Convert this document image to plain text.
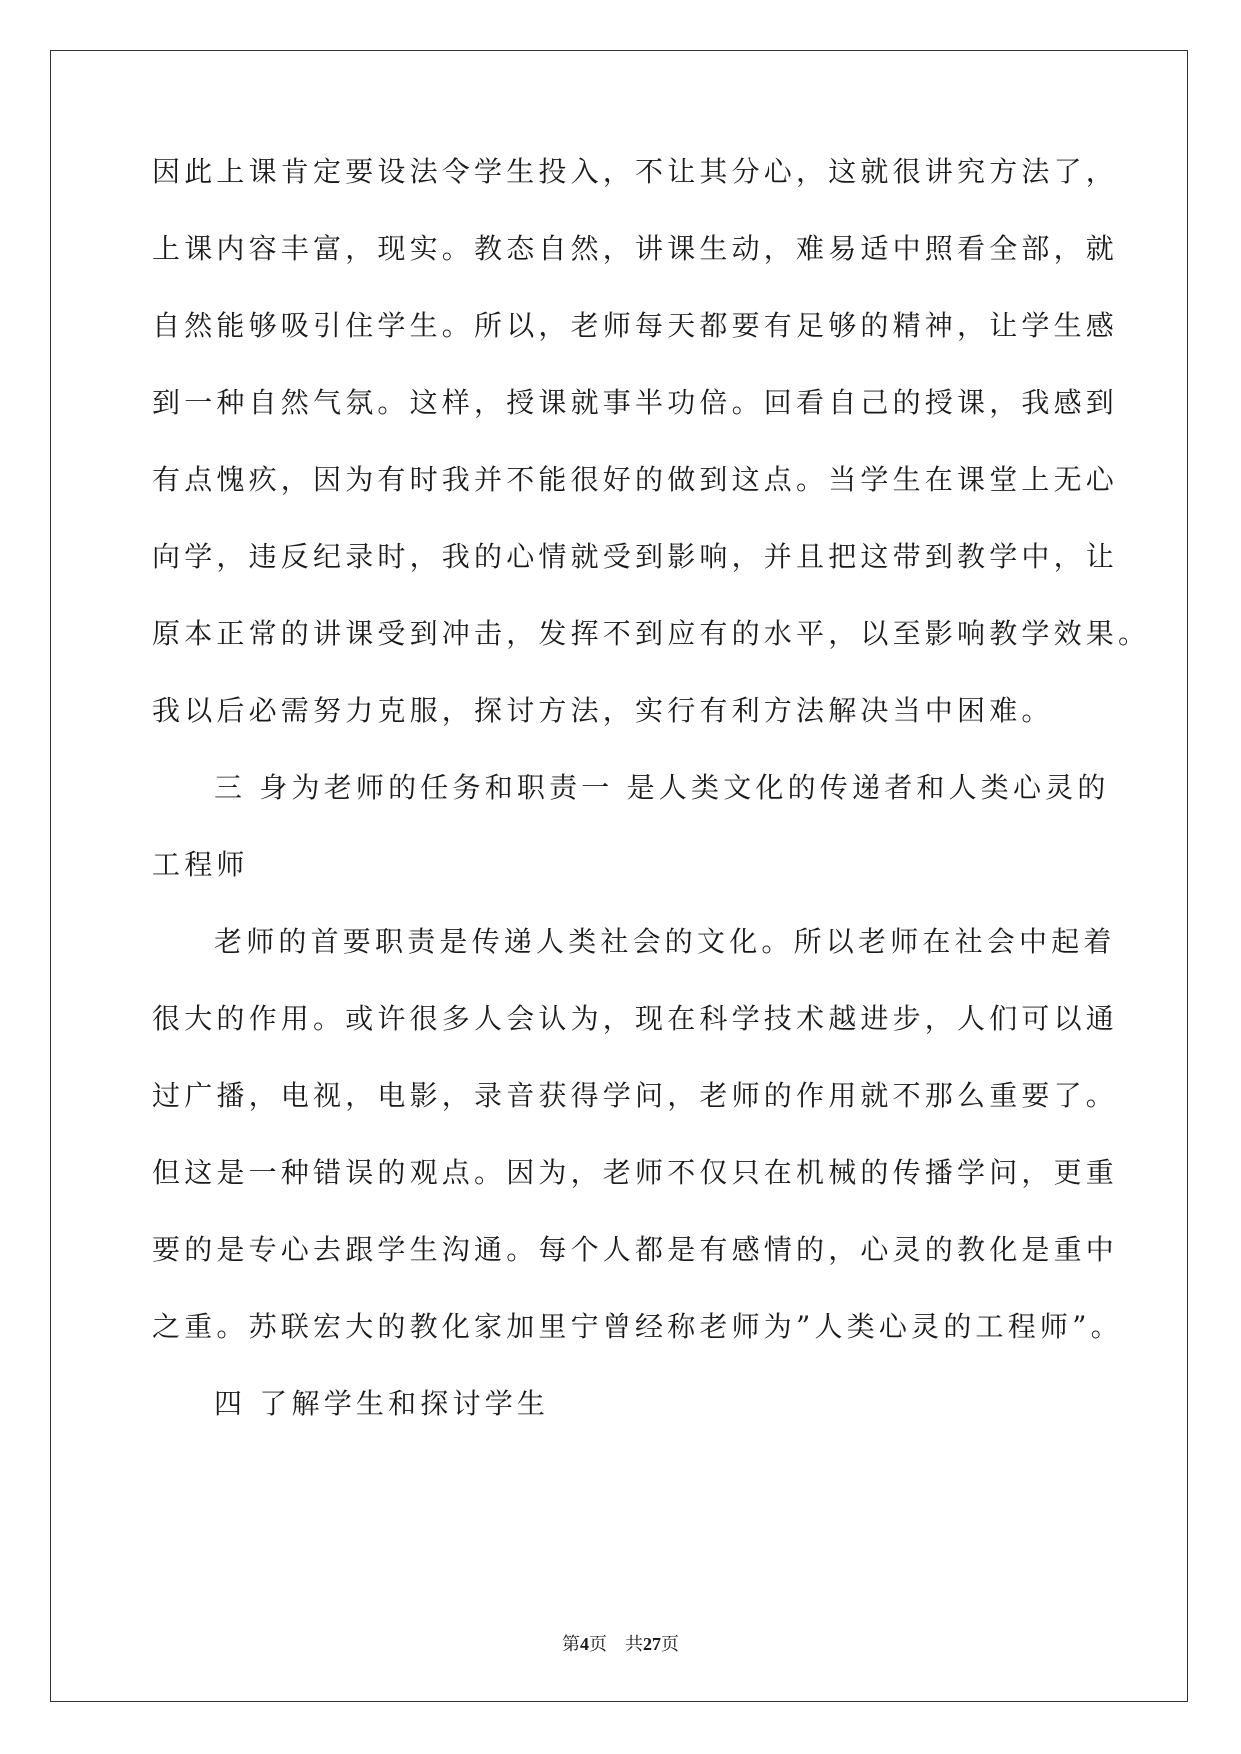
因此上课肯定要设法令学生投入，不让其分心，这就很讲究方法了，
上课内容丰富，现实。教态自然，讲课生动，难易适中照看全部，就
自然能够吸引住学生。所以，老师每天都要有足够的精神，让学生感
到一种自然气氛。这样，授课就事半功倍。回看自己的授课，我感到
有点愧疚，因为有时我并不能很好的做到这点。当学生在课堂上无心
向学，违反纪录时，我的心情就受到影响，并且把这带到教学中，让
原本正常的讲课受到冲击，发挥不到应有的水平，以至影响教学效果。
我以后必需努力克服，探讨方法，实行有利方法解决当中困难。
三 身为老师的任务和职责一 是人类文化的传递者和人类心灵的
工程师
老师的首要职责是传递人类社会的文化。所以老师在社会中起着
很大的作用。或许很多人会认为，现在科学技术越进步，人们可以通
过广播，电视，电影，录音获得学问，老师的作用就不那么重要了。
但这是一种错误的观点。因为，老师不仅只在机械的传播学问，更重
要的是专心去跟学生沟通。每个人都是有感情的，心灵的教化是重中
之重。苏联宏大的教化家加里宁曾经称老师为”人类心灵的工程师”。
四 了解学生和探讨学生
第4页 共27页
